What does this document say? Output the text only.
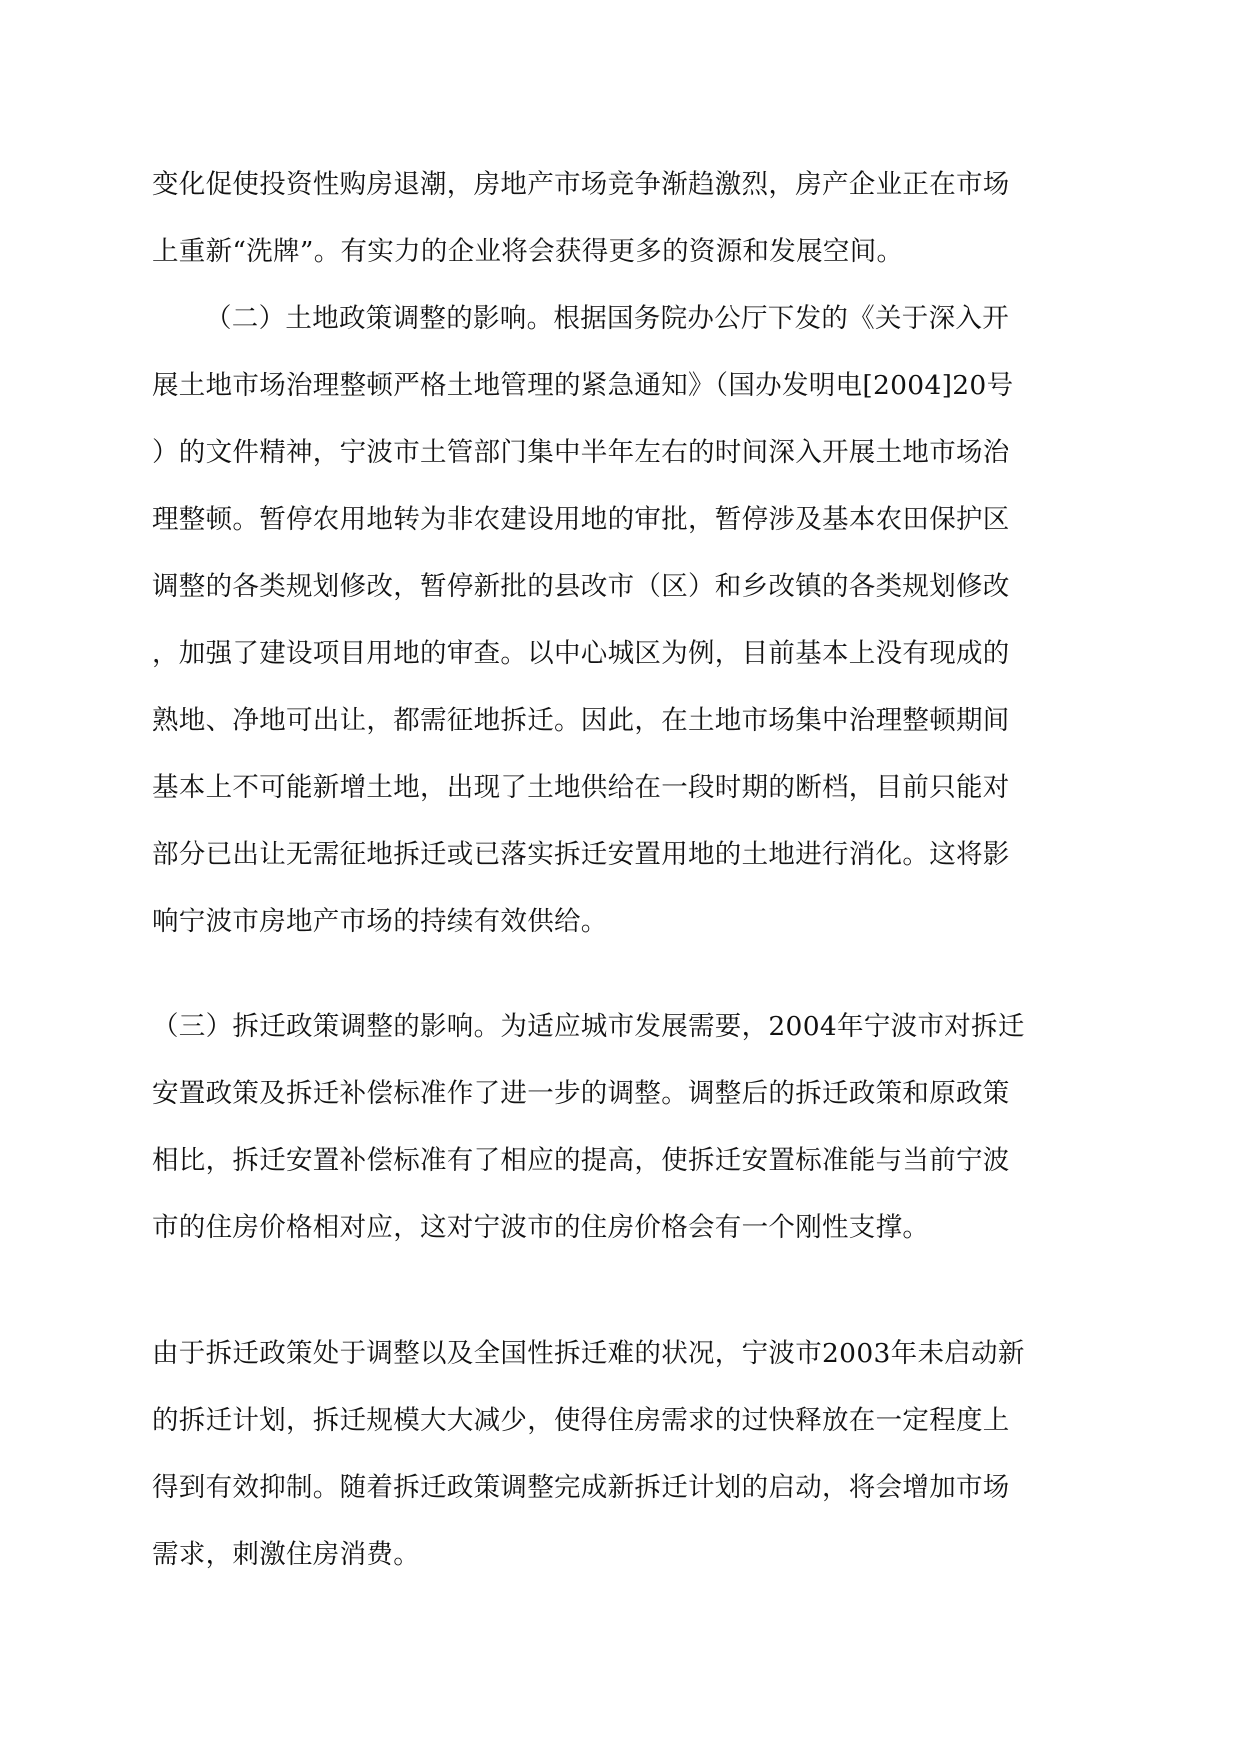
变化促使投资性购房退潮，房地产市场竞争渐趋激烈，房产企业正在市场
上重新“洗牌”。有实力的企业将会获得更多的资源和发展空间。
（二）土地政策调整的影响。根据国务院办公厅下发的《关于深入开
展土地市场治理整顿严格土地管理的紧急通知》（国办发明电[2004]20号
）的文件精神，宁波市土管部门集中半年左右的时间深入开展土地市场治
理整顿。暂停农用地转为非农建设用地的审批，暂停涉及基本农田保护区
调整的各类规划修改，暂停新批的县改市（区）和乡改镇的各类规划修改
，加强了建设项目用地的审查。以中心城区为例，目前基本上没有现成的
熟地、净地可出让，都需征地拆迁。因此，在土地市场集中治理整顿期间
基本上不可能新增土地，出现了土地供给在一段时期的断档，目前只能对
部分已出让无需征地拆迁或已落实拆迁安置用地的土地进行消化。这将影
响宁波市房地产市场的持续有效供给。
（三）拆迁政策调整的影响。为适应城市发展需要，2004年宁波市对拆迁
安置政策及拆迁补偿标准作了进一步的调整。调整后的拆迁政策和原政策
相比，拆迁安置补偿标准有了相应的提高，使拆迁安置标准能与当前宁波
市的住房价格相对应，这对宁波市的住房价格会有一个刚性支撑。
由于拆迁政策处于调整以及全国性拆迁难的状况，宁波市2003年未启动新
的拆迁计划，拆迁规模大大减少，使得住房需求的过快释放在一定程度上
得到有效抑制。随着拆迁政策调整完成新拆迁计划的启动，将会增加市场
需求，刺激住房消费。
